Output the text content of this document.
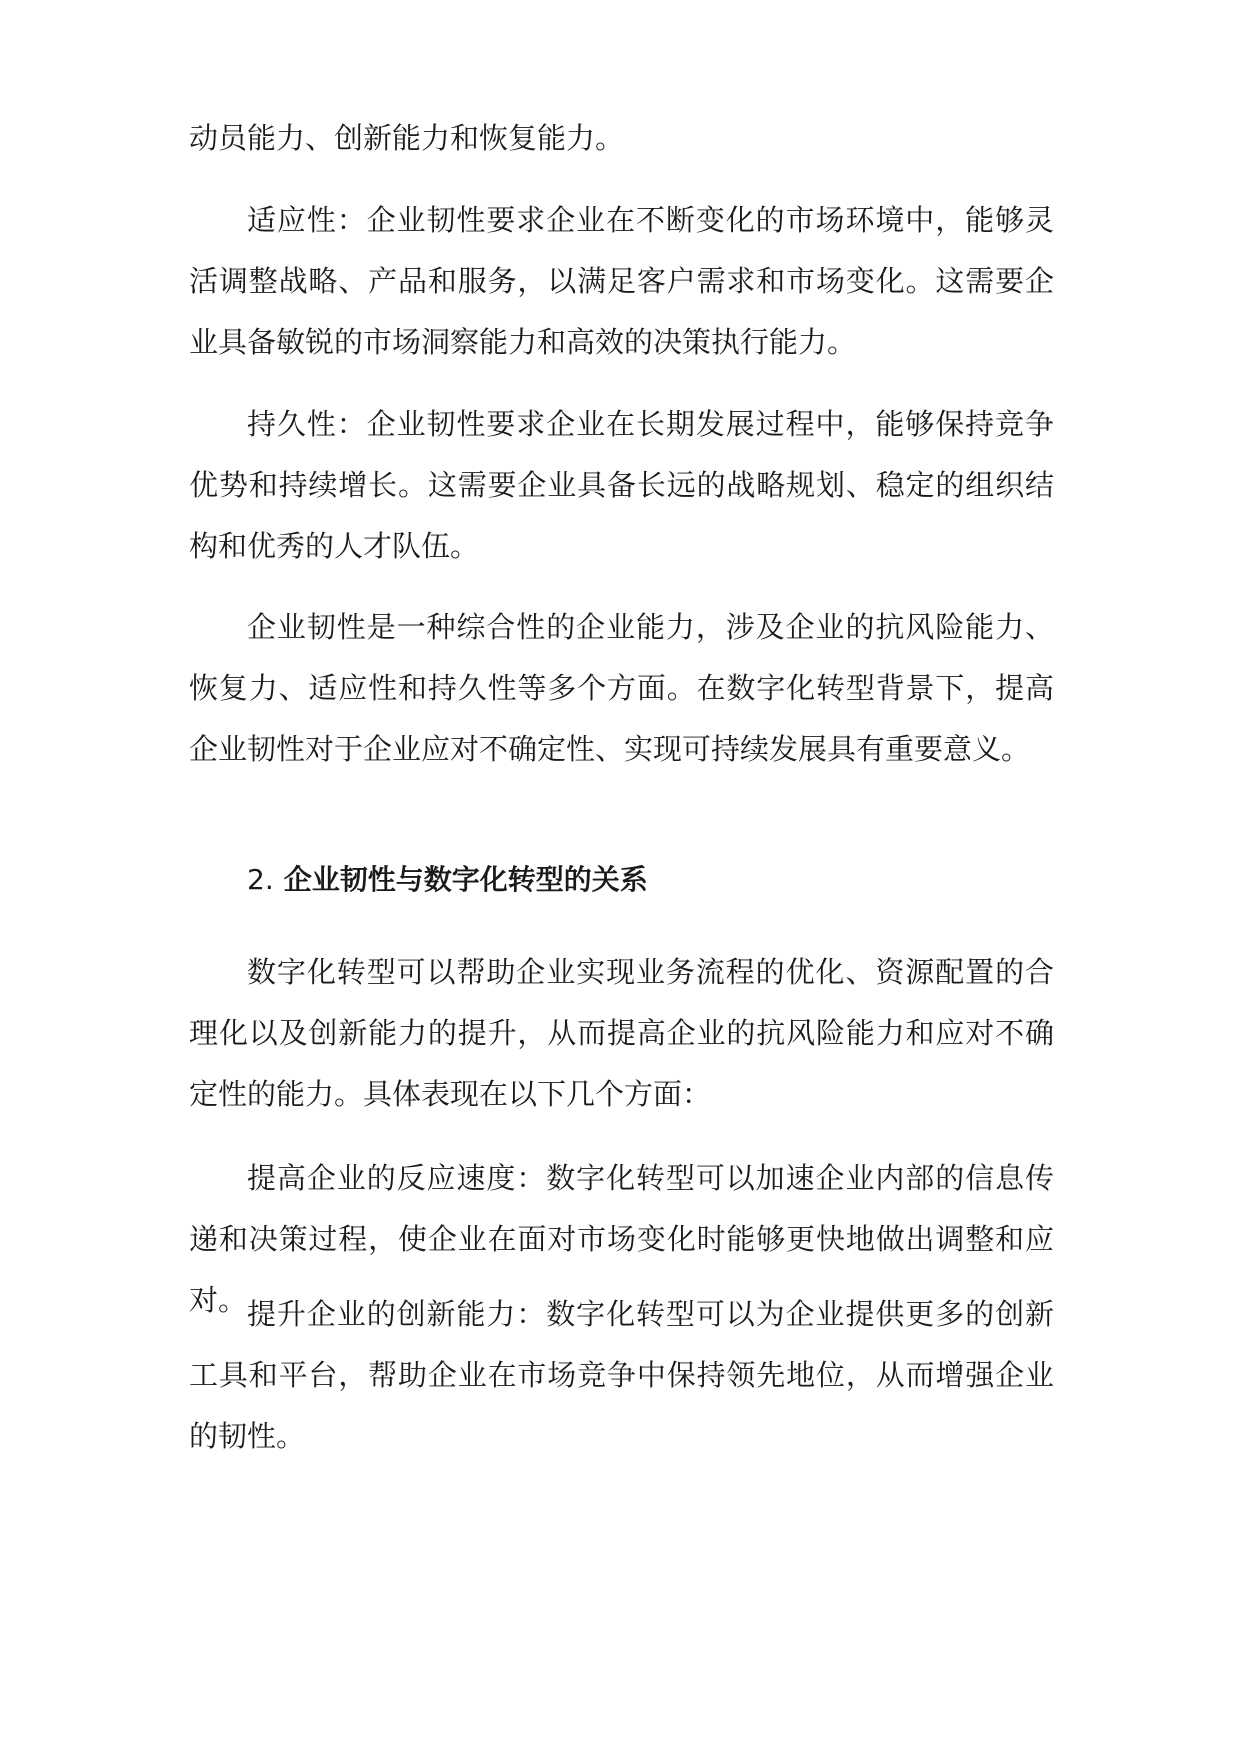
动员能力、创新能力和恢复能力。

适应性：企业韧性要求企业在不断变化的市场环境中，能够灵活调整战略、产品和服务，以满足客户需求和市场变化。这需要企业具备敏锐的市场洞察能力和高效的决策执行能力。

持久性：企业韧性要求企业在长期发展过程中，能够保持竞争优势和持续增长。这需要企业具备长远的战略规划、稳定的组织结构和优秀的人才队伍。

企业韧性是一种综合性的企业能力，涉及企业的抗风险能力、恢复力、适应性和持久性等多个方面。在数字化转型背景下，提高企业韧性对于企业应对不确定性、实现可持续发展具有重要意义。

2. 企业韧性与数字化转型的关系

数字化转型可以帮助企业实现业务流程的优化、资源配置的合理化以及创新能力的提升，从而提高企业的抗风险能力和应对不确定性的能力。具体表现在以下几个方面：

提高企业的反应速度：数字化转型可以加速企业内部的信息传递和决策过程，使企业在面对市场变化时能够更快地做出调整和应对。 提升企业的创新能力：数字化转型可以为企业提供更多的创新工具和平台，帮助企业在市场竞争中保持领先地位，从而增强企业的韧性。
